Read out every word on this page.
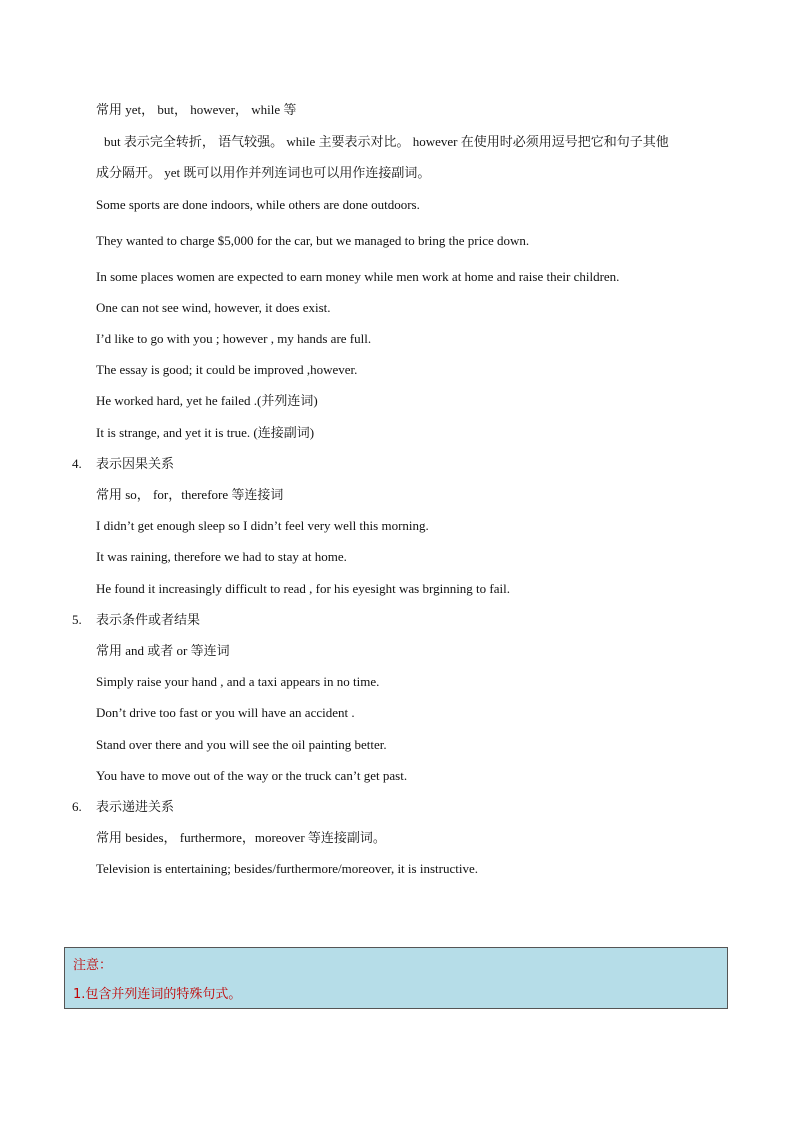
常用 yet， but， however， while 等
but 表示完全转折， 语气较强。 while 主要表示对比。 however 在使用时必须用逗号把它和句子其他
成分隔开。 yet 既可以用作并列连词也可以用作连接副词。
Some sports are done indoors, while others are done outdoors.
They wanted to charge $5,000 for the car, but we managed to bring the price down.
In some places women are expected to earn money while men work at home and raise their children.
One can not see wind, however, it does exist.
I’d like to go with you ; however , my hands are full.
The essay is good; it could be improved ,however.
He worked hard, yet he failed .(并列连词)
It is strange, and yet it is true. (连接副词)
4. 表示因果关系
常用 so， for，therefore 等连接词
I didn’t get enough sleep so I didn’t feel very well this morning.
It was raining, therefore we had to stay at home.
He found it increasingly difficult to read , for his eyesight was brginning to fail.
5. 表示条件或者结果
常用 and 或者 or 等连词
Simply raise your hand , and a taxi appears in no time.
Don’t drive too fast or you will have an accident .
Stand over there and you will see the oil painting better.
You have to move out of the way or the truck can’t get past.
6. 表示递进关系
常用 besides， furthermore，moreover 等连接副词。
Television is entertaining; besides/furthermore/moreover, it is instructive.
注意：
1.包含并列连词的特殊句式。
